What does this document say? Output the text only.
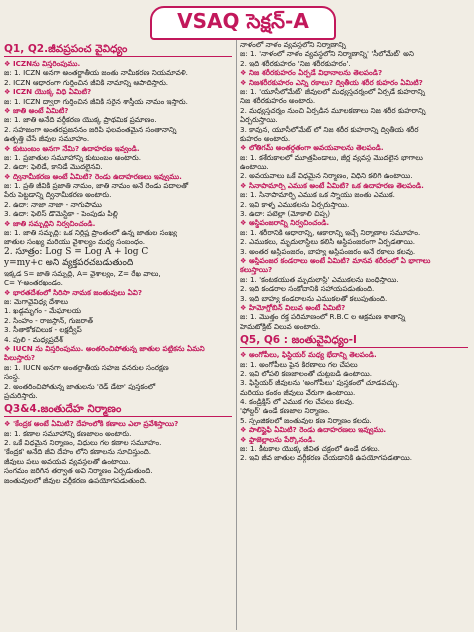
VSAQ సెక్షన్-A
Q1, Q2.జీవప్రపంచ వైవిధ్యం
❖ ICZNను విస్తరింపుము.
జ: 1. ICZN అనగా అంతర్జాతీయ జంతు నామీకరణ నియమావళి.
2. ICZN ఆధారంగా గుర్తించిన జీవికి నామాన్ని ఆపాదిస్తారు.
❖ ICZN యొక్క విధి ఏమిటి?
జ: 1. ICZN ద్వారా గుర్తించిన జీవికి సరైన శాస్త్రీయ నామం ఇస్తారు.
❖ జాతి అంటే ఏమిటి?
జ: 1. జాతి అనేది వర్గీకరణ యొక్క ప్రాథమిక ప్రమాణం.
2. సహజంగా అంతరప్రజననం జరిపి ఫలవంతమైన సంతానాన్ని
ఉత్పత్తి చేసే జీవుల సమూహం.
❖ కుటుంబం అనగా నేమి? ఉదాహరణ ఇవ్వండి.
జ: 1. ప్రజాతుల సమూహాన్ని కుటుంబం అంటారు.
2. ఉదా: ఫెలిడే, కానిడే మొదలైనవి.
❖ ద్వినామీకరణ అంటే ఏమిటి? రెండు ఉదాహరణలు ఇవ్వుము.
జ: 1. ప్రతి జీవికి ప్రజాతి నామం, జాతి నామం అనే రెండు పదాలతో
పేరు పెట్టడాన్ని ద్వినామీకరణ అంటారు.
2. ఉదా: నాజా నాజా - నాగుపాము
3. ఉదా: ఫెలిస్ డొమెస్టికా - పెంపుడు పిల్లి
❖ జాతి సమృద్ధిని నిర్వచించండి.
జ: 1. జాతి సమృద్ధి: ఒక నిర్దిష్ట ప్రాంతంలో ఉన్న జాతుల సంఖ్య
జాతుల సంఖ్య మరియు వైశాల్యం మధ్య సంబంధం.
2. సూత్రం: Log S = Log A + log C
y=my+c అని వ్యక్తపరచబడుతుంది
ఇక్కడ S= జాతి సమృద్ధి, A= వైశాల్యం, Z= రేఖ వాలు,
C= Y-అంతరఖండం.
❖ భారతదేశంలో సిరిసా నామక జంతువులు ఏవి?
జ: మెగావైవిధ్య దేశాలు
1. ఖడ్గమృగం - మేఘాలయ
2. సింహం - రాజస్థాన్, గుజరాత్
3. సీతాకోకచిలుక - లక్షద్వీప్
4. పులి - మధ్యప్రదేశ్
❖ IUCN ను విస్తరింపుము. అంతరించిపోతున్న జాతుల పట్టికను ఏమని
పిలుస్తారు?
జ: 1. IUCN అనగా అంతర్జాతీయ సహజ వనరుల సంరక్షణ
సంస్థ.
2. అంతరించిపోతున్న జాతులను 'రెడ్ డేటా' పుస్తకంలో
ప్రచురిస్తారు.
Q3&4.జంతుదేహ నిర్మాణం
❖ 'కేంద్రక అంటే ఏమిటి? దేహంలోకి కణాలు ఎలా ప్రవేశిస్తాయి?
జ: 1. కణాల సమూహాన్ని కణజాలం అంటారు.
2. ఒకే విధమైన నిర్మాణం, విధులు గల కణాల సమూహం.
'కేంద్రక' అనేది జీవి దేహం లోని కణాలను సూచిస్తుంది.
జీవులు పలు అవయవ వ్యవస్థలతో ఉంటాయి.
సంగమం జరిగిన తర్వాత అవి నిర్మాణం ఏర్పడుతుంది.
జంతువులలో జీవుల వర్గీకరణ ఉపయోగపడుతుంది.
నాళంలో నాళం వ్యవస్థలోని నిర్మాణాన్ని
జ: 1. 'నాళంలో నాళం వ్యవస్థలోని నిర్మాణాన్ని' 'సీలోమేట్' అని
2. ఇది శరీరకుహరం 'నిజ శరీరకుహరం'.
❖ నిజ శరీరకుహరం ఏర్పడే విధానాలను తెలపండి?
❖ నిజశరీరకుహరం ఎన్ని రకాలు? ద్వితీయ శరీర కుహరం ఏమిటి?
జ: 1. 'యూసీలోమేట్' జీవులలో మధ్యస్తచర్మంలో ఏర్పడే కుహరాన్ని
నిజ శరీరకుహరం అంటారు.
2. మధ్యస్తచర్మం నుంచి ఏర్పడిన మూలకణాలు నిజ శరీర కుహరాన్ని
ఏర్పరుస్తాయి.
3. కావున, యూసీలోమేట్ లో నిజ శరీర కుహరాన్ని ద్వితీయ శరీర
కుహరం అంటారు.
❖ లోతిగమ్ అంతర్గతంగా అవయవాలను తెలపండి.
జ: 1. కశేరుకాలలో మూత్రపిండాలు, జీర్ణ వ్యవస్థ మొదలైన భాగాలు
ఉంటాయి.
2. అవయవాలు ఒకే విధమైన నిర్మాణం, విధిని కలిగి ఉంటాయి.
❖ సినాపామార్ఫి ఎముక అంటే ఏమిటి? ఒక ఉదాహరణ తెలపండి.
జ: 1. సినాపామార్ఫి ఎముక ఒక స్నాయు జంతు ఎముక.
2. ఇవి కాళ్ళ ఎముకలను ఏర్పరుస్తాయి.
3. ఉదా: పటెల్లా (మోకాలి చిప్ప)
❖ అస్థిపంజరాన్ని నిర్వచించండి.
జ: 1. శరీరానికి ఆధారాన్ని, ఆకారాన్ని ఇచ్చే నిర్మాణాల సమూహం.
2. ఎముకలు, మృదులాస్థిలు కలిసి అస్థిపంజరంగా ఏర్పడతాయి.
3. అంతర అస్థిపంజరం, బాహ్య అస్థిపంజరం అనే రకాలు కలవు.
❖ అస్థిపంజర కండరాలు అంటే ఏమిటి? మానవ శరీరంలో ఏ భాగాలు
కలుస్తాయి?
జ: 1. 'కంటకయుత మృదులాస్థి' ఎముకలను బంధిస్తాయి.
2. ఇది కండరాల సంకోచానికి సహాయపడుతుంది.
3. ఇది బాహ్య కండరాలను ఎముకలతో కలుపుతుంది.
❖ హిమోగ్లోబిన్ విలువ అంటే ఏమిటి?
జ: 1. మొత్తం రక్త పరిమాణంలో R.B.C ల ఆక్రమణ శాతాన్ని
హెమటోక్రిట్ విలువ అంటారు.
Q5, Q6 : జంతువైవిధ్యం-I
❖ అంగోపీలు, ఫిస్టియర్ మధ్య భేదాన్ని తెలపండి.
జ: 1. అంగోపీలు పైన కిరణాలు గల చేపలు
2. ఇవి లోపలి కణజాలంతో చుట్టబడి ఉంటాయి.
3. ఫిస్టియర్ జీవులను 'అంగోపీలు' పుస్తకంలో చూడవచ్చు.
మరియు కంఠం జీవులు వేరుగా ఉంటాయి.
4. కండ్రిక్తిస్ లో ఎముక గల చేపలు కలవు.
'ఫోల్డర్' ఉండే కణజాల నిర్మాణం.
5. స్పంజికలలో జంతువుల కణ నిర్మాణం కలదు.
❖ పాలిస్టైఫి ఏమిటి? రెండు ఉదాహరణలు ఇవ్వుము.
❖ ఫ్లాజెల్లాలను పేర్కొనండి.
జ: 1. కీటకాల యొక్క జీవిత చక్రంలో ఉండే దశలు.
2. ఇవి జీవ జాతుల వర్గీకరణ చేయడానికి ఉపయోగపడతాయి.
